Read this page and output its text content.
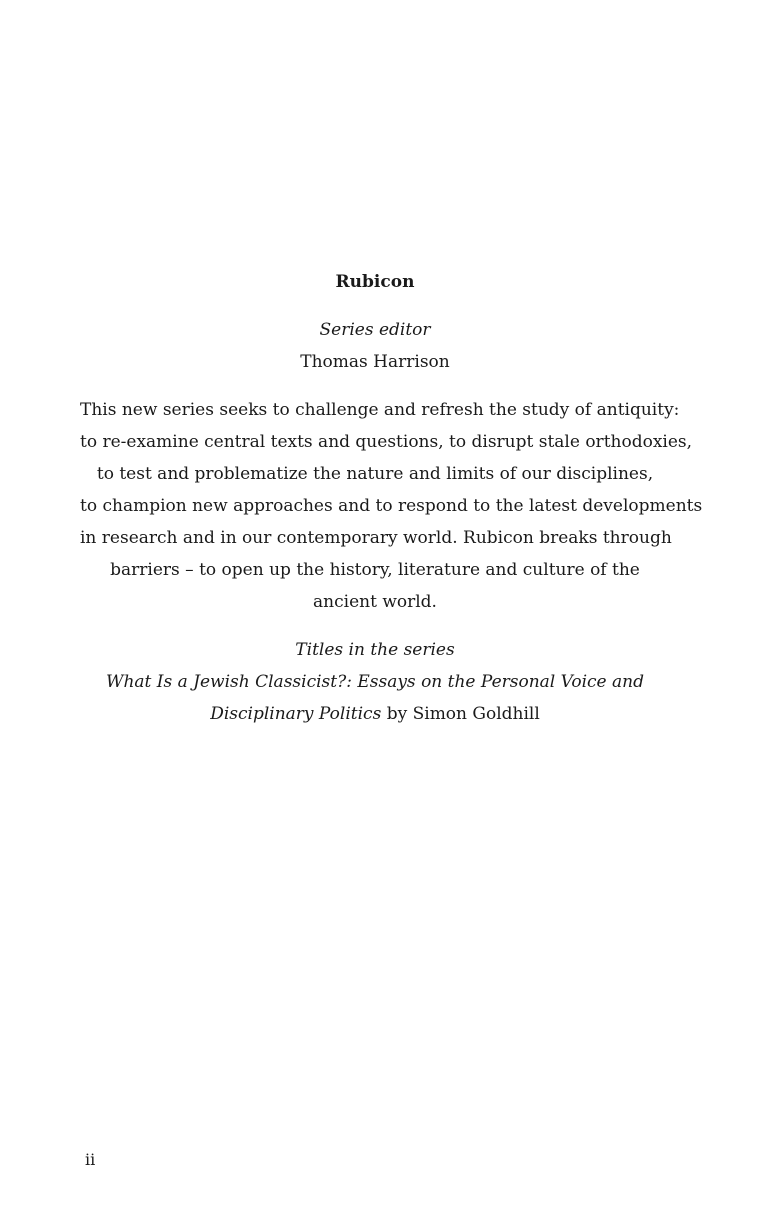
Rubicon

Series editor

Thomas Harrison

This new series seeks to challenge and refresh the study of antiquity:
to re-examine central texts and questions, to disrupt stale orthodoxies,
to test and problematize the nature and limits of our disciplines,
to champion new approaches and to respond to the latest developments
in research and in our contemporary world. Rubicon breaks through
barriers – to open up the history, literature and culture of the
ancient world.

Titles in the series

What Is a Jewish Classicist?: Essays on the Personal Voice and
Disciplinary Politics by Simon Goldhill
ii
